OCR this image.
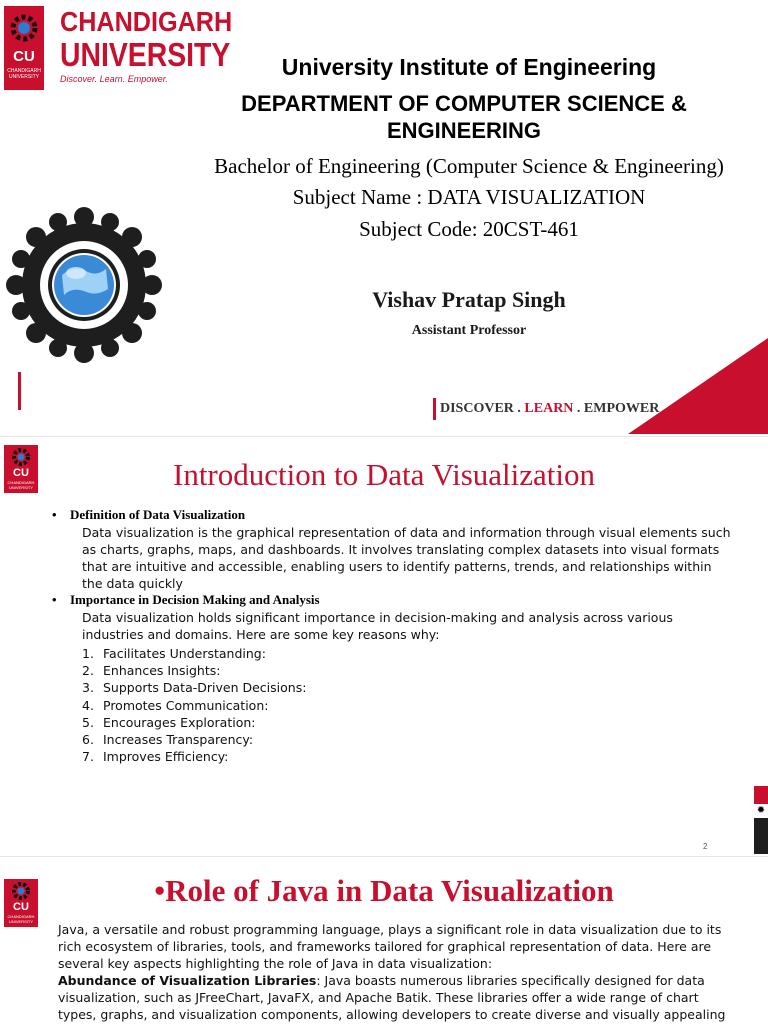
CU
CHANDIGARH UNIVERSITY
CHANDIGARH
UNIVERSITY
Discover. Learn. Empower.	University Institute of Engineering
DEPARTMENT OF COMPUTER SCIENCE & ENGINEERING
Bachelor of Engineering (Computer Science & Engineering)
Subject Name : DATA VISUALIZATION
Subject Code: 20CST-461
Vishav Pratap Singh
Assistant Professor
DISCOVER . LEARN . EMPOWER
CU
CHANDIGARH UNIVERSITY	Introduction to Data Visualization
• Definition of Data Visualization
Data visualization is the graphical representation of data and information through visual elements such as charts, graphs, maps, and dashboards. It involves translating complex datasets into visual formats that are intuitive and accessible, enabling users to identify patterns, trends, and relationships within the data quickly
• Importance in Decision Making and Analysis
Data visualization holds significant importance in decision-making and analysis across various industries and domains. Here are some key reasons why:
1. Facilitates Understanding:
2. Enhances Insights:
3. Supports Data-Driven Decisions:
4. Promotes Communication:
5. Encourages Exploration:
6. Increases Transparency:
7. Improves Efficiency:
✹
2
CU
CHANDIGARH UNIVERSITY
•Role of Java in Data Visualization
Java, a versatile and robust programming language, plays a significant role in data visualization due to its rich ecosystem of libraries, tools, and frameworks tailored for graphical representation of data. Here are several key aspects highlighting the role of Java in data visualization:
Abundance of Visualization Libraries: Java boasts numerous libraries specifically designed for data visualization, such as JFreeChart, JavaFX, and Apache Batik. These libraries offer a wide range of chart types, graphs, and visualization components, allowing developers to create diverse and visually appealing
